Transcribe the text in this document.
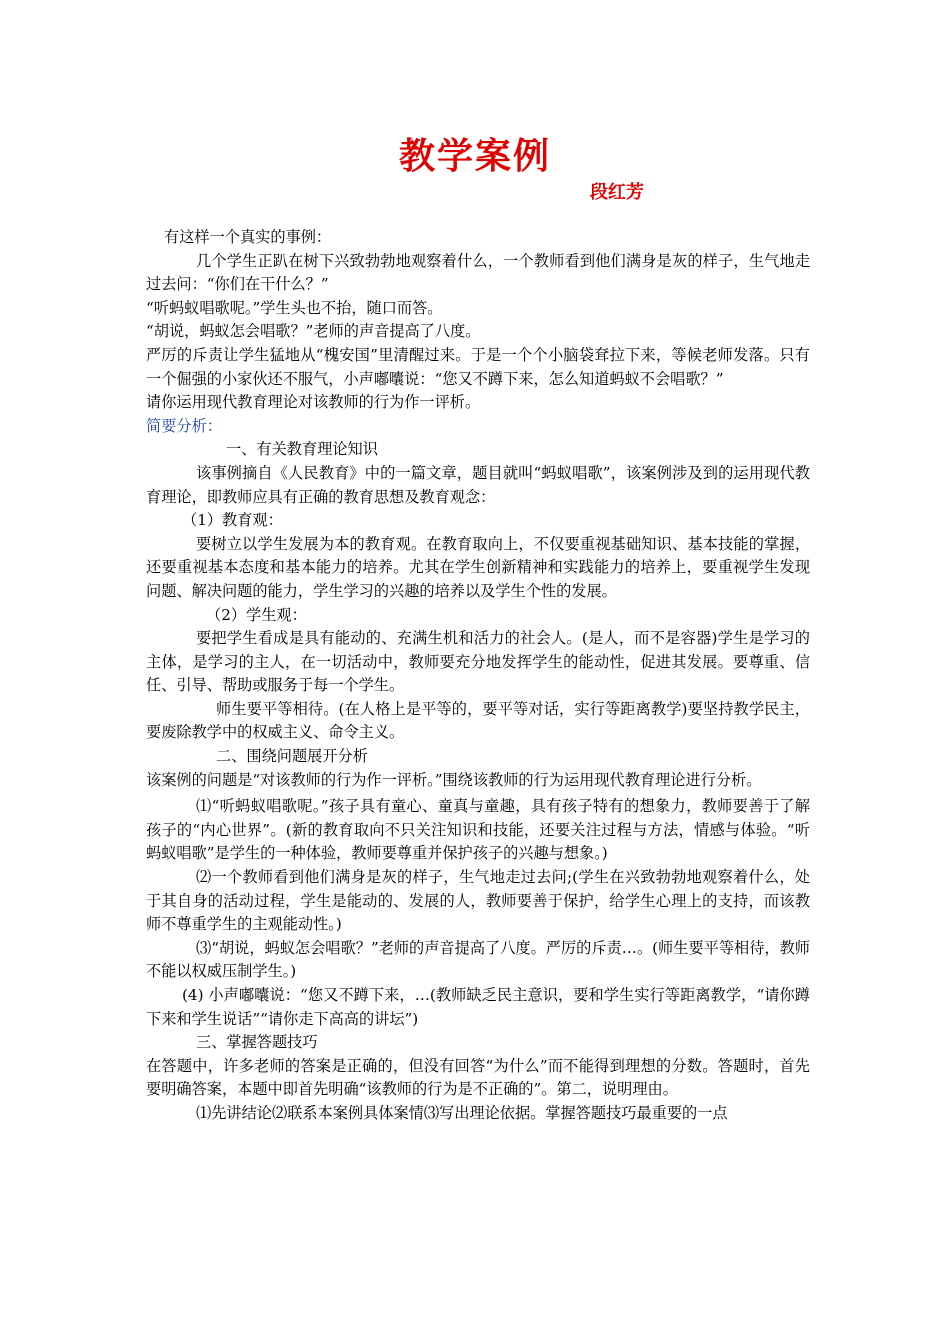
教学案例
段红芳

有这样一个真实的事例：

几个学生正趴在树下兴致勃勃地观察着什么，一个教师看到他们满身是灰的样子，生气地走过去问：“你们在干什么？”

“听蚂蚁唱歌呢。”学生头也不抬，随口而答。

“胡说，蚂蚁怎会唱歌？”老师的声音提高了八度。

严厉的斥责让学生猛地从“槐安国”里清醒过来。于是一个个小脑袋耷拉下来，等候老师发落。只有一个倔强的小家伙还不服气，小声嘟囔说：“您又不蹲下来，怎么知道蚂蚁不会唱歌？”

请你运用现代教育理论对该教师的行为作一评析。

简要分析：

一、有关教育理论知识

该事例摘自《人民教育》中的一篇文章，题目就叫“蚂蚁唱歌”，该案例涉及到的运用现代教育理论，即教师应具有正确的教育思想及教育观念：

（1）教育观：

要树立以学生发展为本的教育观。在教育取向上，不仅要重视基础知识、基本技能的掌握，还要重视基本态度和基本能力的培养。尤其在学生创新精神和实践能力的培养上，要重视学生发现问题、解决问题的能力，学生学习的兴趣的培养以及学生个性的发展。

（2）学生观：

要把学生看成是具有能动的、充满生机和活力的社会人。(是人，而不是容器)学生是学习的主体，是学习的主人，在一切活动中，教师要充分地发挥学生的能动性，促进其发展。要尊重、信任、引导、帮助或服务于每一个学生。

师生要平等相待。(在人格上是平等的，要平等对话，实行等距离教学)要坚持教学民主，要废除教学中的权威主义、命令主义。

二、围绕问题展开分析

该案例的问题是“对该教师的行为作一评析。”围绕该教师的行为运用现代教育理论进行分析。

⑴“听蚂蚁唱歌呢。”孩子具有童心、童真与童趣，具有孩子特有的想象力，教师要善于了解孩子的“内心世界”。(新的教育取向不只关注知识和技能，还要关注过程与方法，情感与体验。“听蚂蚁唱歌”是学生的一种体验，教师要尊重并保护孩子的兴趣与想象。)

⑵一个教师看到他们满身是灰的样子，生气地走过去问;(学生在兴致勃勃地观察着什么，处于其自身的活动过程，学生是能动的、发展的人，教师要善于保护，给学生心理上的支持，而该教师不尊重学生的主观能动性。)

⑶“胡说，蚂蚁怎会唱歌？”老师的声音提高了八度。严厉的斥责…。(师生要平等相待，教师不能以权威压制学生。)

(4) 小声嘟囔说：“您又不蹲下来，…(教师缺乏民主意识，要和学生实行等距离教学，“请你蹲下来和学生说话”“请你走下高高的讲坛”)

三、掌握答题技巧

在答题中，许多老师的答案是正确的，但没有回答“为什么”而不能得到理想的分数。答题时，首先要明确答案，本题中即首先明确“该教师的行为是不正确的”。第二，说明理由。

⑴先讲结论⑵联系本案例具体案情⑶写出理论依据。掌握答题技巧最重要的一点
